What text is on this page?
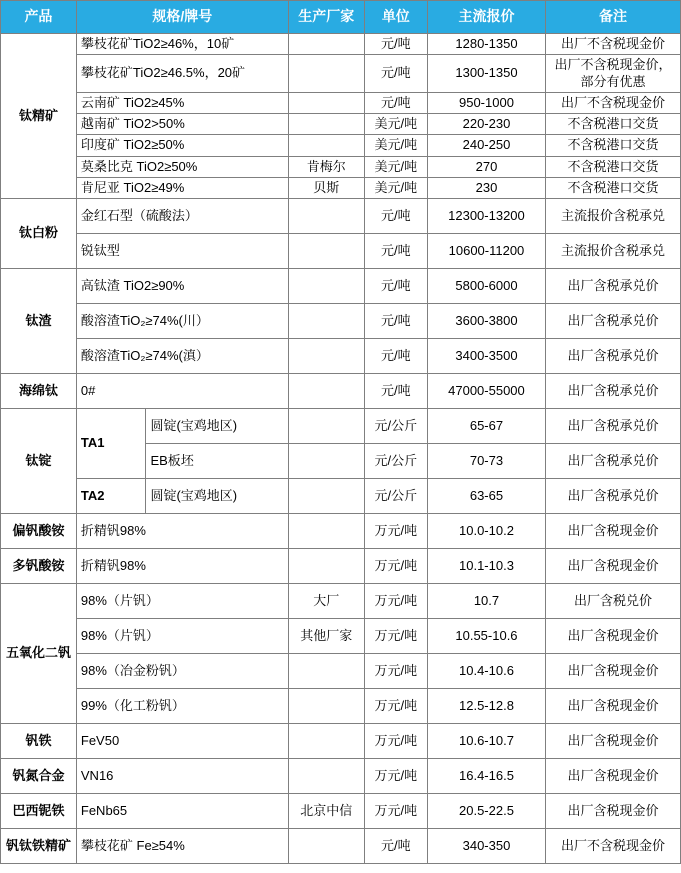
产品	规格/牌号		生产厂家	单位	主流报价	备注
钛精矿	攀枝花矿TiO2≥46%，10矿			元/吨	1280-1350	出厂不含税现金价
	攀枝花矿TiO2≥46.5%，20矿			元/吨	1300-1350	出厂不含税现金价，部分有优惠
	云南矿 TiO2≥45%			元/吨	950-1000	出厂不含税现金价
	越南矿 TiO2>50%			美元/吨	220-230	不含税港口交货
	印度矿 TiO2≥50%			美元/吨	240-250	不含税港口交货
	莫桑比克 TiO2≥50%		肯梅尔	美元/吨	270	不含税港口交货
	肯尼亚 TiO2≥49%		贝斯	美元/吨	230	不含税港口交货
钛白粉	金红石型（硫酸法）			元/吨	12300-13200	主流报价含税承兑
	锐钛型			元/吨	10600-11200	主流报价含税承兑
钛渣	高钛渣 TiO2≥90%			元/吨	5800-6000	出厂含税承兑价
	酸溶渣TiO₂≥74%(川）			元/吨	3600-3800	出厂含税承兑价
	酸溶渣TiO₂≥74%(滇）			元/吨	3400-3500	出厂含税承兑价
海绵钛	0#			元/吨	47000-55000	出厂含税承兑价
钛锭	TA1	圆锭(宝鸡地区)		元/公斤	65-67	出厂含税承兑价
		EB板坯		元/公斤	70-73	出厂含税承兑价
	TA2	圆锭(宝鸡地区)		元/公斤	63-65	出厂含税承兑价
偏钒酸铵	折精钒98%			万元/吨	10.0-10.2	出厂含税现金价
多钒酸铵	折精钒98%			万元/吨	10.1-10.3	出厂含税现金价
五氧化二钒	98%（片钒）		大厂	万元/吨	10.7	出厂含税兑价
	98%（片钒）		其他厂家	万元/吨	10.55-10.6	出厂含税现金价
	98%（冶金粉钒）			万元/吨	10.4-10.6	出厂含税现金价
	99%（化工粉钒）			万元/吨	12.5-12.8	出厂含税现金价
钒铁	FeV50			万元/吨	10.6-10.7	出厂含税现金价
钒氮合金	VN16			万元/吨	16.4-16.5	出厂含税现金价
巴西铌铁	FeNb65		北京中信	万元/吨	20.5-22.5	出厂含税现金价
钒钛铁精矿	攀枝花矿 Fe≥54%			元/吨	340-350	出厂不含税现金价
